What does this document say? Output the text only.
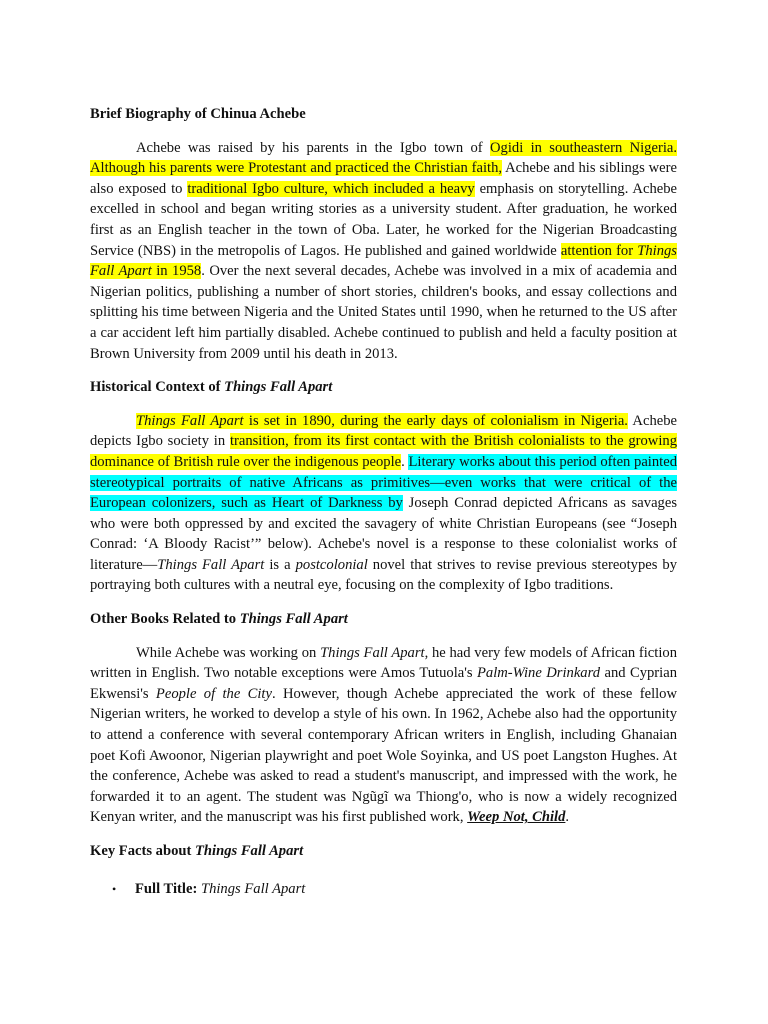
Brief Biography of Chinua Achebe

Achebe was raised by his parents in the Igbo town of Ogidi in southeastern Nigeria. Although his parents were Protestant and practiced the Christian faith, Achebe and his siblings were also exposed to traditional Igbo culture, which included a heavy emphasis on storytelling. Achebe excelled in school and began writing stories as a university student. After graduation, he worked first as an English teacher in the town of Oba. Later, he worked for the Nigerian Broadcasting Service (NBS) in the metropolis of Lagos. He published and gained worldwide attention for Things Fall Apart in 1958. Over the next several decades, Achebe was involved in a mix of academia and Nigerian politics, publishing a number of short stories, children's books, and essay collections and splitting his time between Nigeria and the United States until 1990, when he returned to the US after a car accident left him partially disabled. Achebe continued to publish and held a faculty position at Brown University from 2009 until his death in 2013.

Historical Context of Things Fall Apart

Things Fall Apart is set in 1890, during the early days of colonialism in Nigeria. Achebe depicts Igbo society in transition, from its first contact with the British colonialists to the growing dominance of British rule over the indigenous people. Literary works about this period often painted stereotypical portraits of native Africans as primitives—even works that were critical of the European colonizers, such as Heart of Darkness by Joseph Conrad depicted Africans as savages who were both oppressed by and excited the savagery of white Christian Europeans (see “Joseph Conrad: ‘A Bloody Racist’” below). Achebe's novel is a response to these colonialist works of literature—Things Fall Apart is a postcolonial novel that strives to revise previous stereotypes by portraying both cultures with a neutral eye, focusing on the complexity of Igbo traditions.

Other Books Related to Things Fall Apart

While Achebe was working on Things Fall Apart, he had very few models of African fiction written in English. Two notable exceptions were Amos Tutuola's Palm-Wine Drinkard and Cyprian Ekwensi's People of the City. However, though Achebe appreciated the work of these fellow Nigerian writers, he worked to develop a style of his own. In 1962, Achebe also had the opportunity to attend a conference with several contemporary African writers in English, including Ghanaian poet Kofi Awoonor, Nigerian playwright and poet Wole Soyinka, and US poet Langston Hughes. At the conference, Achebe was asked to read a student's manuscript, and impressed with the work, he forwarded it to an agent. The student was Ngũgĩ wa Thiong'o, who is now a widely recognized Kenyan writer, and the manuscript was his first published work, Weep Not, Child.

Key Facts about Things Fall Apart
• Full Title: Things Fall Apart
